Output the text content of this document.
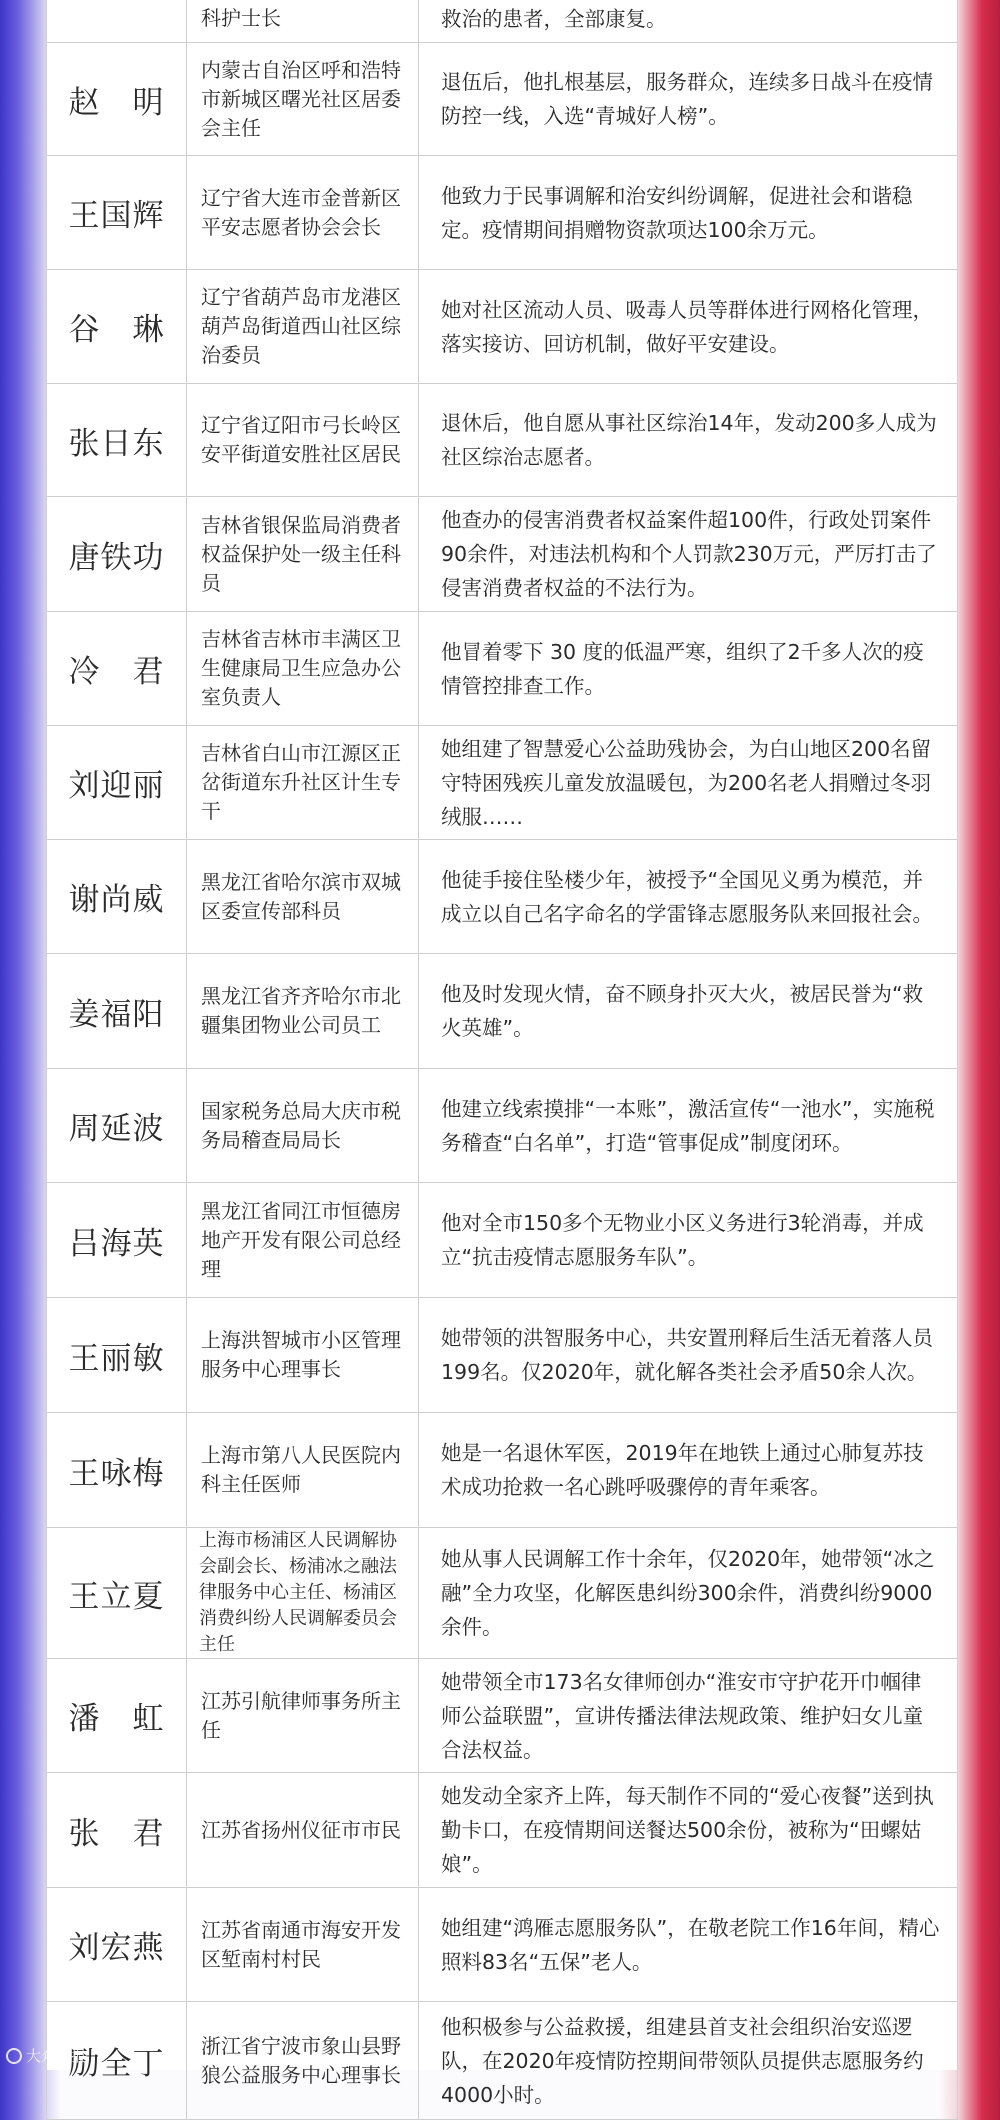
	科护士长	救治的患者，全部康复。
赵　明	内蒙古自治区呼和浩特市新城区曙光社区居委会主任	退伍后，他扎根基层，服务群众，连续多日战斗在疫情防控一线，入选“青城好人榜”。
王国辉	辽宁省大连市金普新区平安志愿者协会会长	他致力于民事调解和治安纠纷调解，促进社会和谐稳定。疫情期间捐赠物资款项达100余万元。
谷　琳	辽宁省葫芦岛市龙港区葫芦岛街道西山社区综治委员	她对社区流动人员、吸毒人员等群体进行网格化管理，落实接访、回访机制，做好平安建设。
张日东	辽宁省辽阳市弓长岭区安平街道安胜社区居民	退休后，他自愿从事社区综治14年，发动200多人成为社区综治志愿者。
唐铁功	吉林省银保监局消费者权益保护处一级主任科员	他查办的侵害消费者权益案件超100件，行政处罚案件90余件，对违法机构和个人罚款230万元，严厉打击了侵害消费者权益的不法行为。
冷　君	吉林省吉林市丰满区卫生健康局卫生应急办公室负责人	他冒着零下 30 度的低温严寒，组织了2千多人次的疫情管控排查工作。
刘迎丽	吉林省白山市江源区正岔街道东升社区计生专干	她组建了智慧爱心公益助残协会，为白山地区200名留守特困残疾儿童发放温暖包，为200名老人捐赠过冬羽绒服……
谢尚威	黑龙江省哈尔滨市双城区委宣传部科员	他徒手接住坠楼少年，被授予“全国见义勇为模范，并成立以自己名字命名的学雷锋志愿服务队来回报社会。
姜福阳	黑龙江省齐齐哈尔市北疆集团物业公司员工	他及时发现火情，奋不顾身扑灭大火，被居民誉为“救火英雄”。
周延波	国家税务总局大庆市税务局稽查局局长	他建立线索摸排“一本账”，激活宣传“一池水”，实施税务稽查“白名单”，打造“管事促成”制度闭环。
吕海英	黑龙江省同江市恒德房地产开发有限公司总经理	他对全市150多个无物业小区义务进行3轮消毒，并成立“抗击疫情志愿服务车队”。
王丽敏	上海洪智城市小区管理服务中心理事长	她带领的洪智服务中心，共安置刑释后生活无着落人员199名。仅2020年，就化解各类社会矛盾50余人次。
王咏梅	上海市第八人民医院内科主任医师	她是一名退休军医，2019年在地铁上通过心肺复苏技术成功抢救一名心跳呼吸骤停的青年乘客。
王立夏	上海市杨浦区人民调解协会副会长、杨浦冰之融法律服务中心主任、杨浦区消费纠纷人民调解委员会主任	她从事人民调解工作十余年，仅2020年，她带领“冰之融”全力攻坚，化解医患纠纷300余件，消费纠纷9000余件。
潘　虹	江苏引航律师事务所主任	她带领全市173名女律师创办“淮安市守护花开巾帼律师公益联盟”，宣讲传播法律法规政策、维护妇女儿童合法权益。
张　君	江苏省扬州仪征市市民	她发动全家齐上阵，每天制作不同的“爱心夜餐”送到执勤卡口，在疫情期间送餐达500余份，被称为“田螺姑娘”。
刘宏燕	江苏省南通市海安开发区堑南村村民	她组建“鸿雁志愿服务队”，在敬老院工作16年间，精心照料83名“五保”老人。
励全丁	浙江省宁波市象山县野狼公益服务中心理事长	他积极参与公益救援，组建县首支社会组织治安巡逻队，在2020年疫情防控期间带领队员提供志愿服务约4000小时。
大众日报
